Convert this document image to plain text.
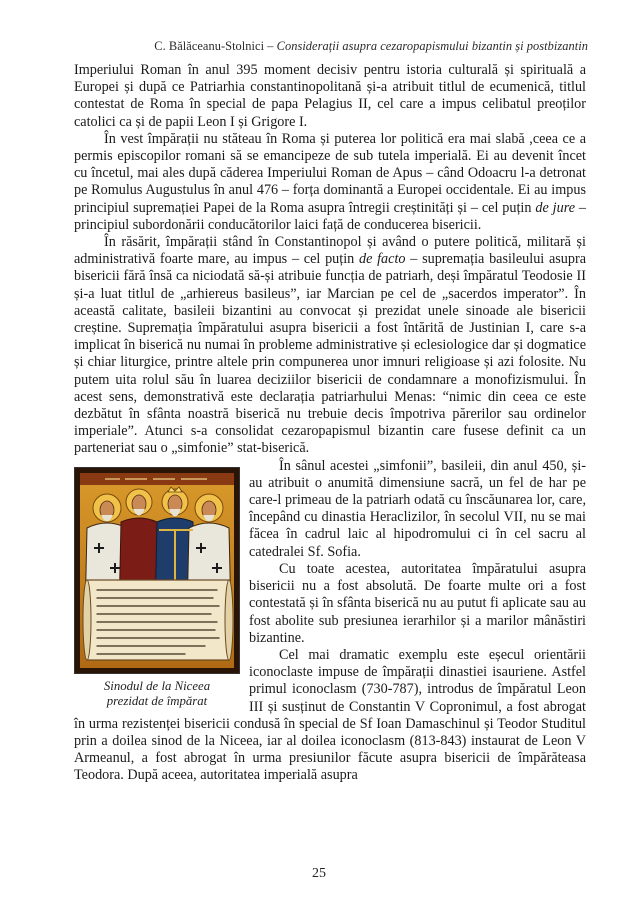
C. Bălăceanu-Stolnici – Considerații asupra cezaropapismului bizantin și postbizantin

Imperiului Roman în anul 395 moment decisiv pentru istoria culturală și spirituală a Europei și după ce Patriarhia constantinopolitană și-a atribuit titlul de ecumenică, titlul contestat de Roma în special de papa Pelagius II, cel care a impus celibatul preoților catolici ca și de papii Leon I și Grigore I.

În vest împărații nu stăteau în Roma și puterea lor politică era mai slabă ,ceea ce a permis episcopilor romani să se emancipeze de sub tutela imperială. Ei au devenit încet cu încetul, mai ales după căderea Imperiului Roman de Apus – când Odoacru l-a detronat pe Romulus Augustulus în anul 476 – forța dominantă a Europei occidentale. Ei au impus principiul supremației Papei de la Roma asupra întregii creștinități și – cel puțin de jure – principiul subordonării conducătorilor laici față de conducerea bisericii.

În răsărit, împărații stând în Constantinopol și având o putere politică, militară și administrativă foarte mare, au impus – cel puțin de facto – supremația basileului asupra bisericii fără însă ca niciodată să-și atribuie funcția de patriarh, deși împăratul Teodosie II și-a luat titlul de „arhiereus basileus”, iar Marcian pe cel de „sacerdos imperator”. În această calitate, basileii bizantini au convocat și prezidat unele sinoade ale bisericii creștine. Supremația împăratului asupra bisericii a fost întărită de Justinian I, care s-a implicat în biserică nu numai în probleme administrative și eclesiologice dar și dogmatice și chiar liturgice, printre altele prin compunerea unor imnuri religioase și azi folosite. Nu putem uita rolul său în luarea deciziilor bisericii de condamnare a monofizismului. În acest sens, demonstrativă este declarația patriarhului Menas: “nimic din ceea ce este dezbătut în sfânta noastră biserică nu trebuie decis împotriva părerilor sau ordinelor imperiale”. Atunci s-a consolidat cezaropapismul bizantin care fusese definit ca un parteneriat sau o „simfonie” stat-biserică.

Sinodul de la Niceea
prezidat de împărat

În sânul acestei „simfonii”, basileii, din anul 450, și-au atribuit o anumită dimensiune sacră, un fel de har pe care-l primeau de la patriarh odată cu înscăunarea lor, care, începând cu dinastia Heraclizilor, în secolul VII, nu se mai făcea în cadrul laic al hipodromului ci în cel sacru al catedralei Sf. Sofia.

Cu toate acestea, autoritatea împăratului asupra bisericii nu a fost absolută. De foarte multe ori a fost contestată și în sfânta biserică nu au putut fi aplicate sau au fost abolite sub presiunea ierarhilor și a marilor mânăstiri bizantine.

Cel mai dramatic exemplu este eșecul orientării iconoclaste impuse de împărații dinastiei isauriene. Astfel primul iconoclasm (730-787), introdus de împăratul Leon III și susținut de Constantin V Copronimul, a fost abrogat în urma rezistenței bisericii condusă în special de Sf Ioan Damaschinul și Teodor Studitul prin a doilea sinod de la Niceea, iar al doilea iconoclasm (813-843) instaurat de Leon V Armeanul, a fost abrogat în urma presiunilor făcute asupra bisericii de împărăteasa Teodora. După aceea, autoritatea imperială asupra

25
